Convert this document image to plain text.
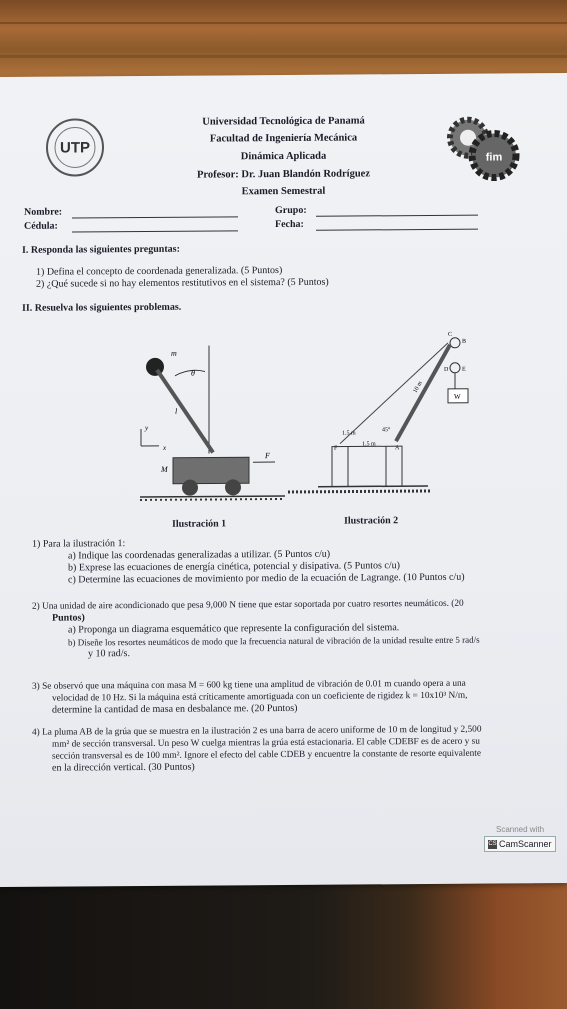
UTP
fim
Universidad Tecnológica de Panamá
Facultad de Ingeniería Mecánica
Dinámica Aplicada
Profesor: Dr. Juan Blandón Rodríguez
Examen Semestral
Nombre:
Cédula:
Grupo:
Fecha:
I. Responda las siguientes preguntas:
1) Defina el concepto de coordenada generalizada. (5 Puntos)
2) ¿Qué sucede si no hay elementos restitutivos en el sistema? (5 Puntos)
II. Resuelva los siguientes problemas.
m
θ
l
y
x
M
F
Ilustración 1
W
C
B
D E
10 m
1.5 m
45°
1.5 m
F	A
Ilustración 2
1) Para la ilustración 1:
a) Indique las coordenadas generalizadas a utilizar. (5 Puntos c/u)
b) Exprese las ecuaciones de energía cinética, potencial y disipativa. (5 Puntos c/u)
c) Determine las ecuaciones de movimiento por medio de la ecuación de Lagrange. (10 Puntos c/u)
2) Una unidad de aire acondicionado que pesa 9,000 N tiene que estar soportada por cuatro resortes neumáticos. (20
Puntos)
a) Proponga un diagrama esquemático que represente la configuración del sistema.
b) Diseñe los resortes neumáticos de modo que la frecuencia natural de vibración de la unidad resulte entre 5 rad/s
y 10 rad/s.
3) Se observó que una máquina con masa M = 600 kg tiene una amplitud de vibración de 0.01 m cuando opera a una
velocidad de 10 Hz. Si la máquina está críticamente amortiguada con un coeficiente de rigidez k = 10x10³ N/m,
determine la cantidad de masa en desbalance me. (20 Puntos)
4) La pluma AB de la grúa que se muestra en la ilustración 2 es una barra de acero uniforme de 10 m de longitud y 2,500
mm² de sección transversal. Un peso W cuelga mientras la grúa está estacionaria. El cable CDEBF es de acero y su
sección transversal es de 100 mm². Ignore el efecto del cable CDEB y encuentre la constante de resorte equivalente
en la dirección vertical. (30 Puntos)
Scanned with
CS CamScanner
